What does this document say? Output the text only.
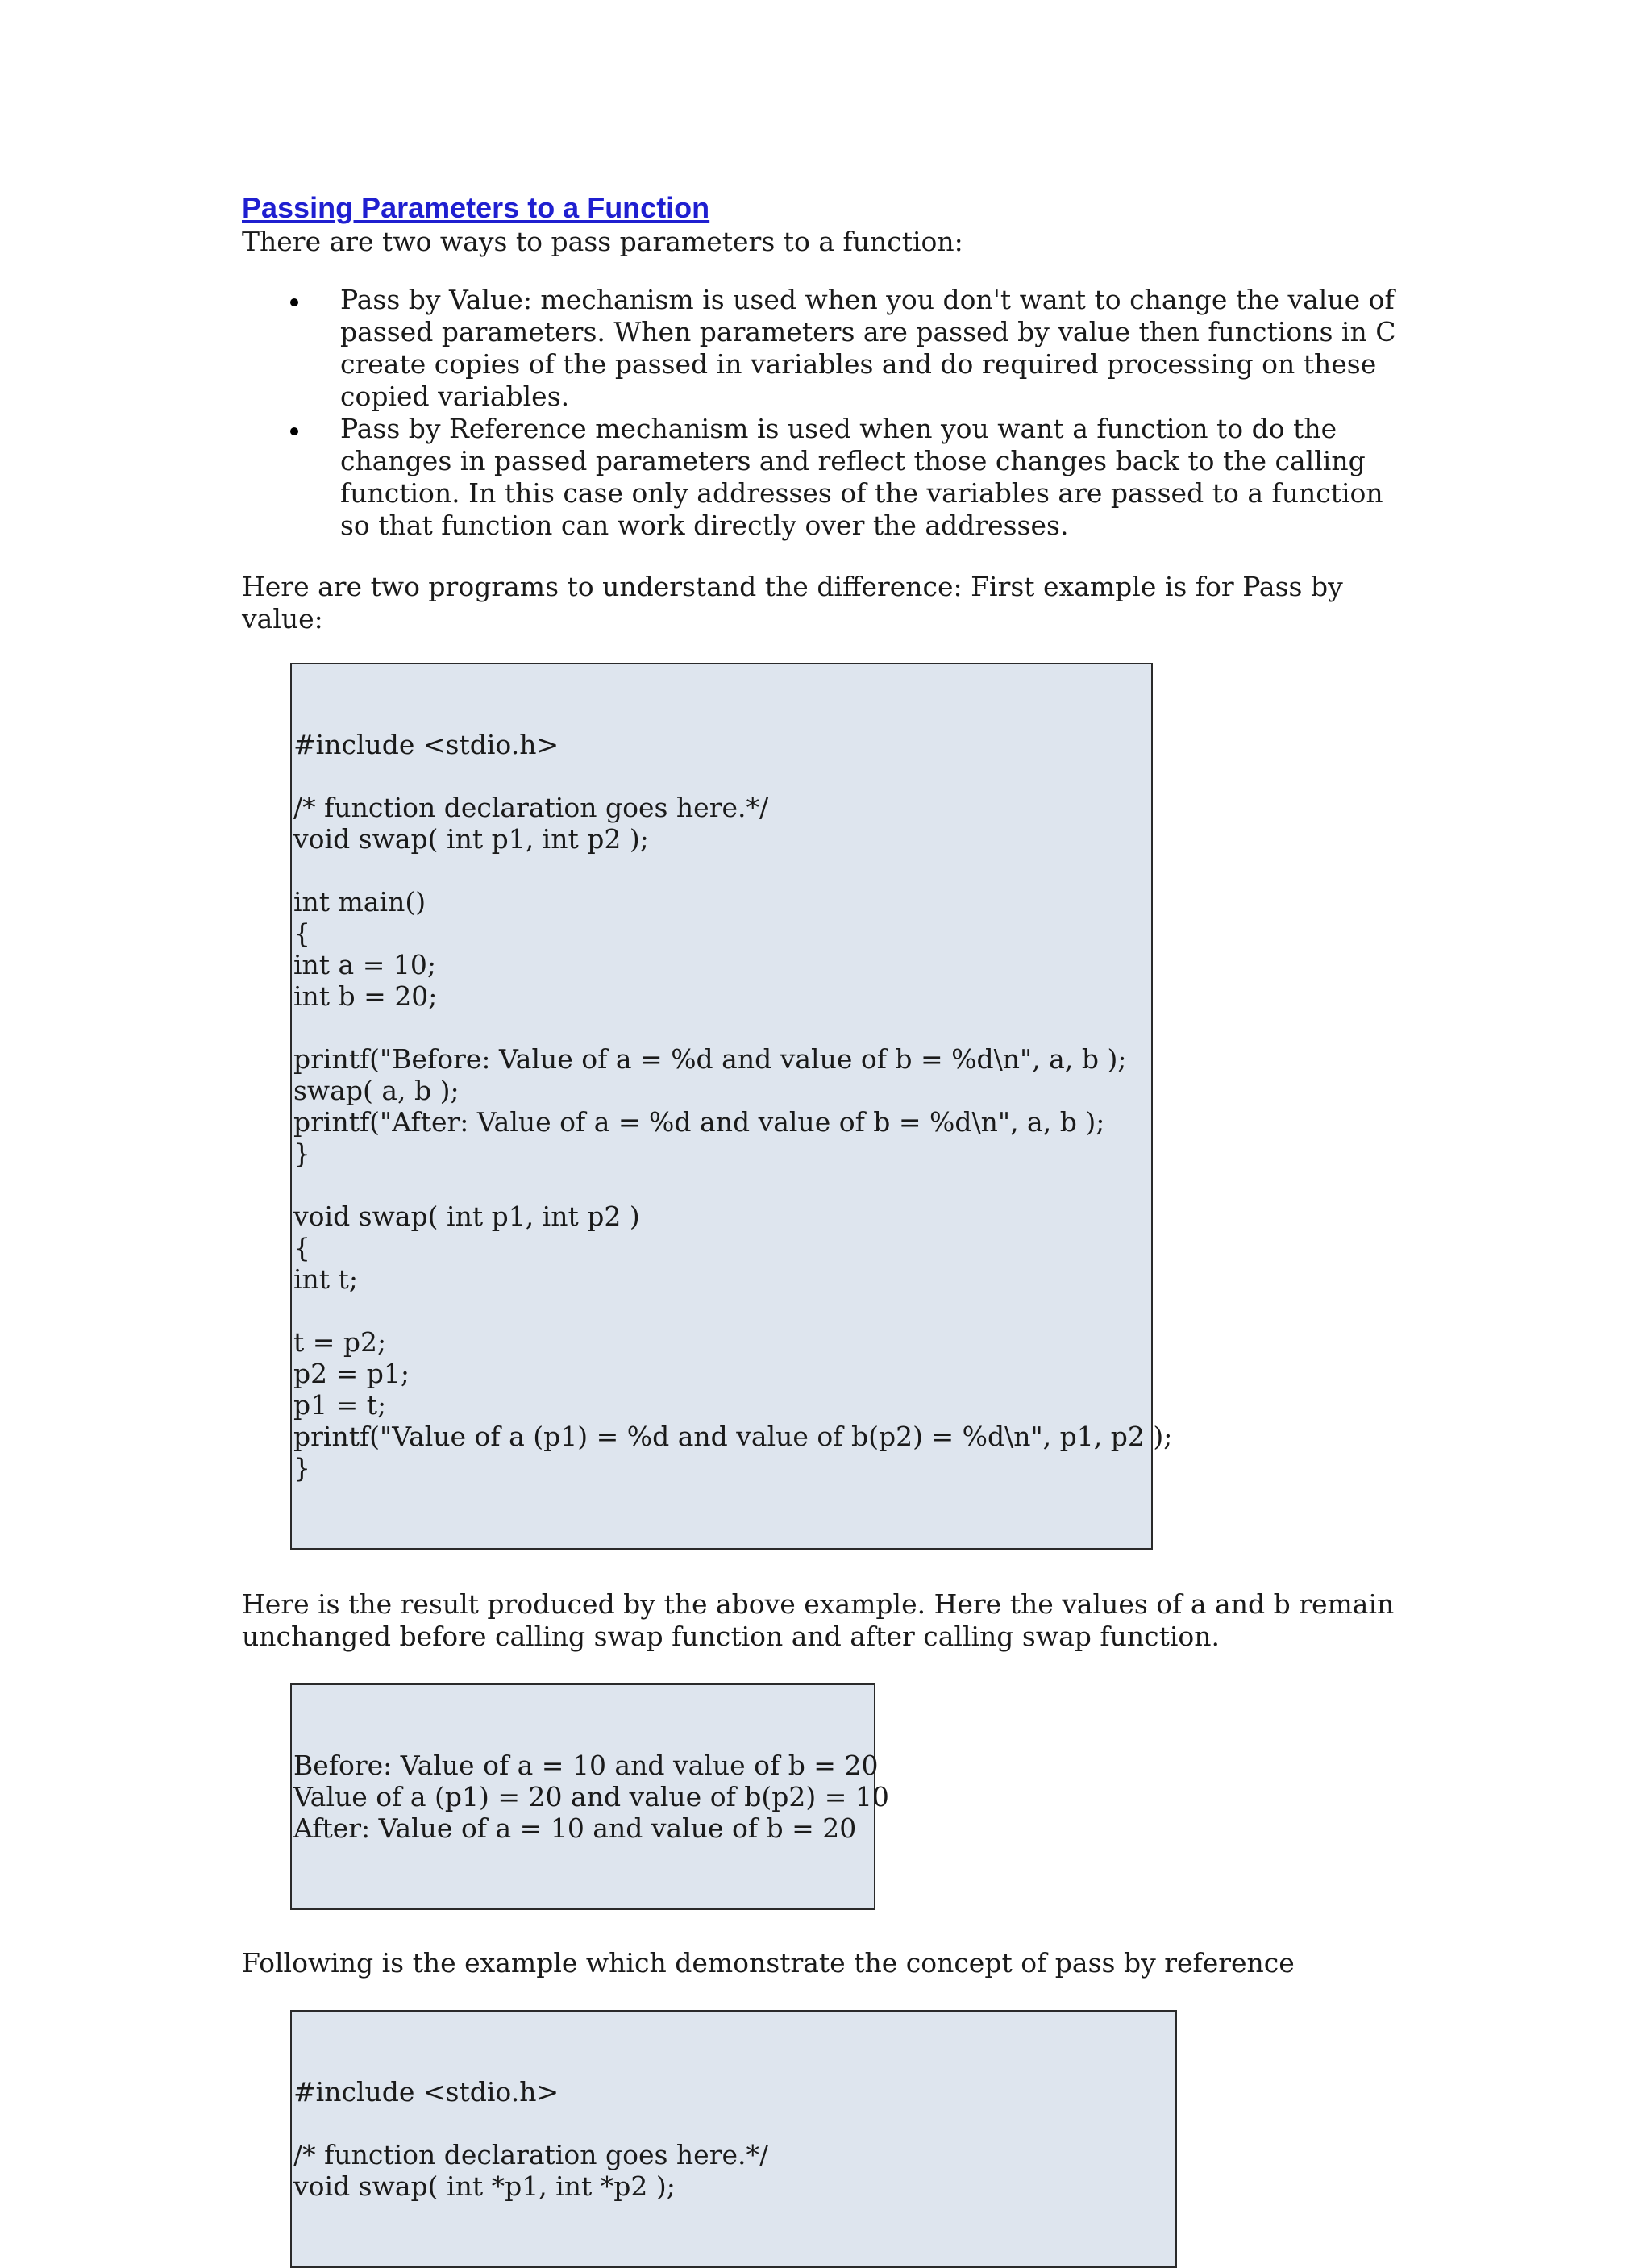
Passing Parameters to a Function

There are two ways to pass parameters to a function:

Pass by Value: mechanism is used when you don't want to change the value of passed parameters. When parameters are passed by value then functions in C create copies of the passed in variables and do required processing on these copied variables.
Pass by Reference mechanism is used when you want a function to do the changes in passed parameters and reflect those changes back to the calling function. In this case only addresses of the variables are passed to a function so that function can work directly over the addresses.

Here are two programs to understand the difference: First example is for Pass by value:

#include <stdio.h>
/* function declaration goes here.*/
void swap( int p1, int p2 );
int main()
{
int a = 10;
int b = 20;
printf("Before: Value of a = %d and value of b = %d\n", a, b );
swap( a, b );
printf("After: Value of a = %d and value of b = %d\n", a, b );
}
void swap( int p1, int p2 )
{
int t;
t = p2;
p2 = p1;
p1 = t;
printf("Value of a (p1) = %d and value of b(p2) = %d\n", p1, p2 );
}

Here is the result produced by the above example. Here the values of a and b remain unchanged before calling swap function and after calling swap function.

Before: Value of a = 10 and value of b = 20
Value of a (p1) = 20 and value of b(p2) = 10
After: Value of a = 10 and value of b = 20

Following is the example which demonstrate the concept of pass by reference

#include <stdio.h>
/* function declaration goes here.*/
void swap( int *p1, int *p2 );
